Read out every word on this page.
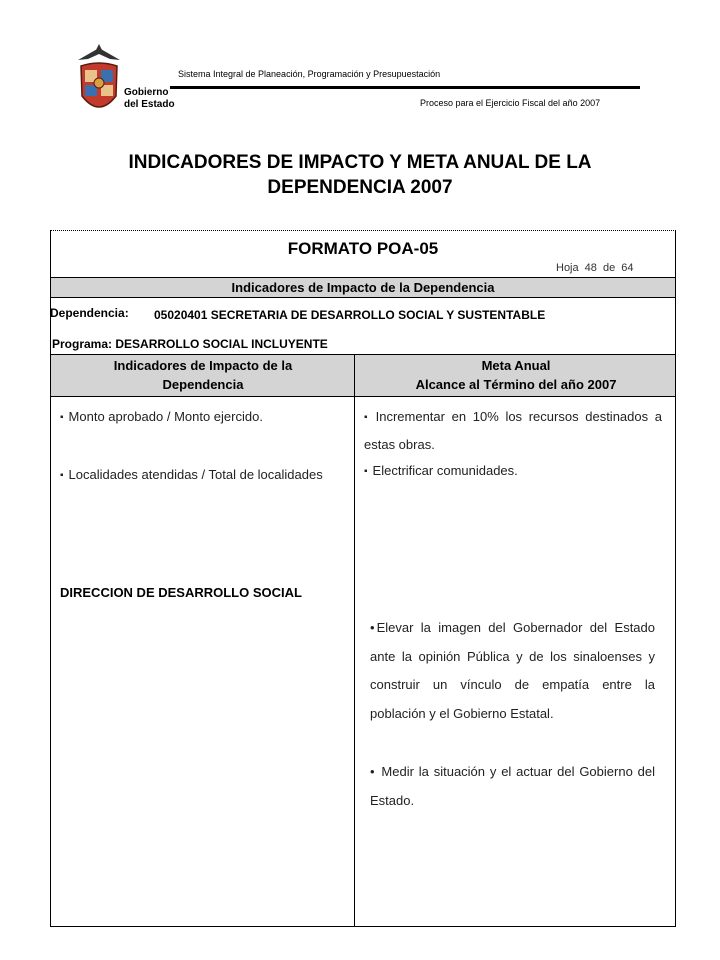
Gobierno
del Estado
Sistema Integral de Planeación, Programación y Presupuestación
Proceso para el Ejercicio Fiscal del año 2007
INDICADORES DE IMPACTO Y META ANUAL DE LA
DEPENDENCIA 2007
FORMATO POA-05
Hoja 48 de 64
Indicadores de Impacto de la Dependencia
Dependencia: 05020401 SECRETARIA DE DESARROLLO SOCIAL Y SUSTENTABLE
Programa: DESARROLLO SOCIAL INCLUYENTE
Indicadores de Impacto de la
Dependencia
Meta Anual
Alcance al Término del año 2007
▪ Monto aprobado / Monto ejercido.
▪ Localidades atendidas / Total de localidades
DIRECCION DE DESARROLLO SOCIAL
▪ Incrementar en 10% los recursos destinados a estas obras.
▪ Electrificar comunidades.
• Elevar la imagen del Gobernador del Estado ante la opinión Pública y de los sinaloenses y construir un vínculo de empatía entre la población y el Gobierno Estatal.
• Medir la situación y el actuar del Gobierno del Estado.
